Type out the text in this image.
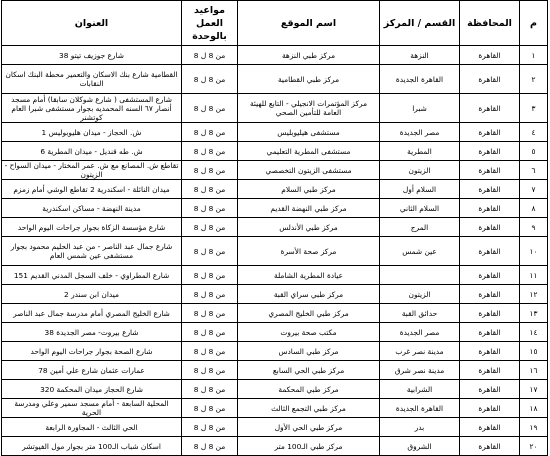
م	المحافظة	القسم / المركز	اسم الموقع	مواعيد العمل بالوحدة	العنوان
١	القاهرة	النزهة	مركز طبي النزهة	من 8 ل 8	شارع جوزيف تيتو 38
٢	القاهرة	القاهرة الجديدة	مركز طبي القطامية	من 8 ل 8	القطامية شارع بنك الاسكان والتعمير محطة البنك اسكان النقابات
٣	القاهرة	شبرا	مركز المؤتمرات الانجيلي - التابع للهيئة العامة للتأمين الصحي	من 8 ل 8	شارع المستشفى ( شارع شوكلان سابقا) أمام مسجد أنصار ٦٧ السنه المحمديه بجوار مستشفى شبرا العام كوتشنر
٤	القاهرة	مصر الجديدة	مستشفى هيليوبليس	من 8 ل 8	ش. الحجاز - ميدان هليوبوليس 1
٥	القاهرة	المطرية	مستشفى المطرية التعليمي	من 8 ل 8	ش. طه قنديل - ميدان المطرية 6
٦	القاهرة	الزيتون	مستشفى الزيتون التخصصي	من 8 ل 8	تقاطع ش. المصانع مع ش. عمر المختار - ميدان السواح - الزيتون
٧	القاهرة	السلام أول	مركز طبي السلام	من 8 ل 8	ميدان النائلة - اسكندرية 2 تقاطع الوشي أمام زمزم
٨	القاهرة	السلام الثاني	مركز طبي النهضة القديم	من 8 ل 8	مدينة النهضة - مساكن اسكندرية
٩	القاهرة	المرج	مركز طبي الأندلس	من 8 ل 8	شارع مؤسسة الزكاة بجوار جراحات اليوم الواحد
١٠	القاهرة	عين شمس	مركز صحة الأسرة	من 8 ل 8	شارع جمال عبد الناصر - من عبد الحليم محمود بجوار مستشفى عين شمس العام
١١	القاهرة		عيادة المطرية الشاملة	من 8 ل 8	شارع المطراوي - خلف السجل المدني القديم 151
١٢	القاهرة	الزيتون	مركز طبي سراي القبة	من 8 ل 8	ميدان ابن سندر 2
١٣	القاهرة	حدائق القبة	مركز طبي الخليج المصري	من 8 ل 8	شارع الخليج المصري أمام مدرسة جمال عبد الناصر
١٤	القاهرة	مصر الجديدة	مكتب صحة بيروت	من 8 ل 8	شارع بيروت- مصر الجديدة 38
١٥	القاهرة	مدينة نصر غرب	مركز طبي السادس	من 8 ل 8	شارع الصحة بجوار جراحات اليوم الواحد
١٦	القاهرة	مدينة نصر شرق	مركز طبي الحي السابع	من 8 ل 8	عمارات عثمان شارع علي أمين 78
١٧	القاهرة	الشرابية	مركز طبي المحكمة	من 8 ل 8	شارع الحجاز ميدان المحكمة 320
١٨	القاهرة	القاهرة الجديدة	مركز طبي التجمع الثالث	من 8 ل 8	المحلية السابعة - أمام مسجد سمير وعلي ومدرسة الحرية
١٩	القاهرة	بدر	مركز طبي الحي الأول	من 8 ل 8	الحي الثالث - المجاورة الرابعة
٢٠	القاهرة	الشروق	مركز طبي الـ100 متر	من 8 ل 8	اسكان شباب الـ100 متر بجوار مول الفيوتشر
